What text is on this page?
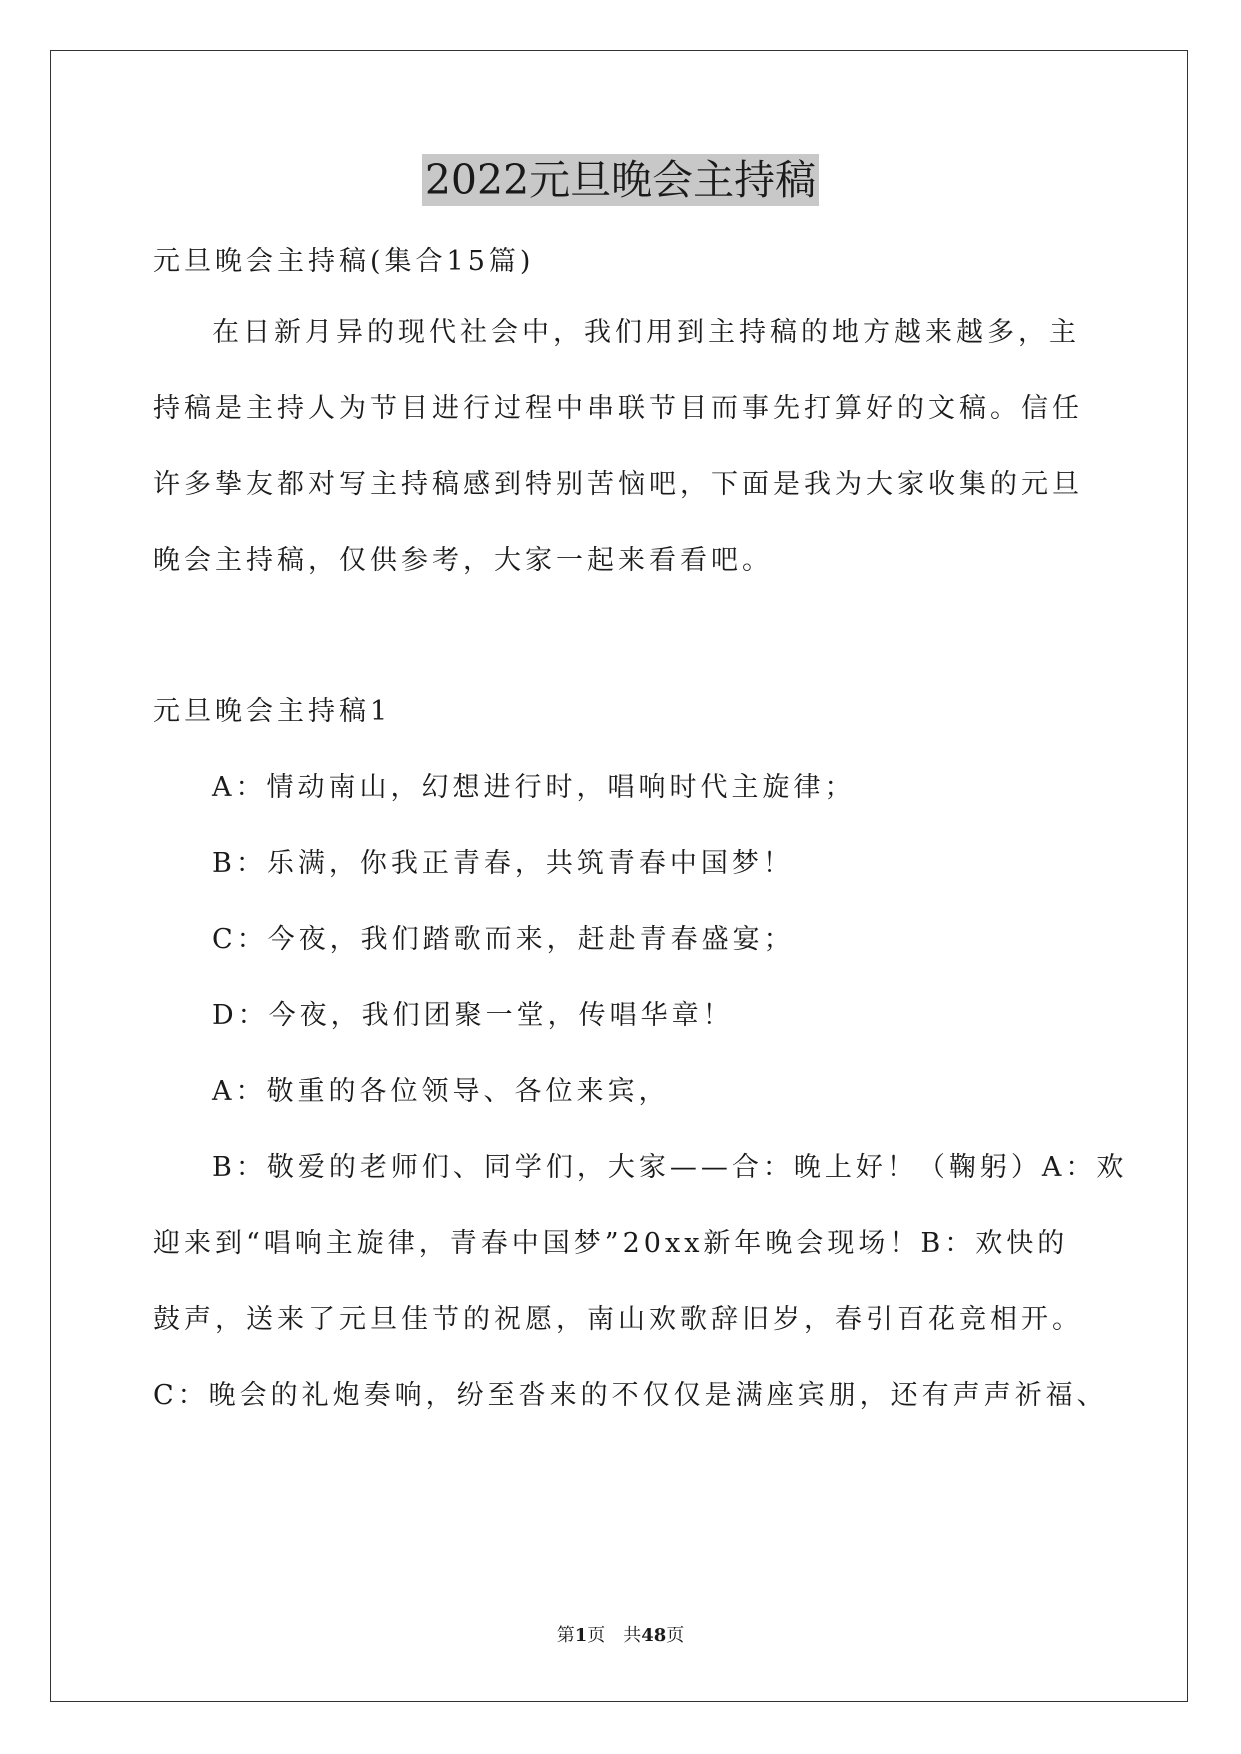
2022元旦晚会主持稿
元旦晚会主持稿(集合15篇)
在日新月异的现代社会中，我们用到主持稿的地方越来越多，主
持稿是主持人为节目进行过程中串联节目而事先打算好的文稿。信任
许多挚友都对写主持稿感到特别苦恼吧，下面是我为大家收集的元旦
晚会主持稿，仅供参考，大家一起来看看吧。
元旦晚会主持稿1
A：情动南山，幻想进行时，唱响时代主旋律；
B：乐满，你我正青春，共筑青春中国梦！
C：今夜，我们踏歌而来，赶赴青春盛宴；
D：今夜，我们团聚一堂，传唱华章！
A：敬重的各位领导、各位来宾，
B：敬爱的老师们、同学们，大家——合：晚上好！（鞠躬）A：欢
迎来到“唱响主旋律，青春中国梦”20xx新年晚会现场！B：欢快的
鼓声，送来了元旦佳节的祝愿，南山欢歌辞旧岁，春引百花竞相开。
C：晚会的礼炮奏响，纷至沓来的不仅仅是满座宾朋，还有声声祈福、
第1页　共48页
